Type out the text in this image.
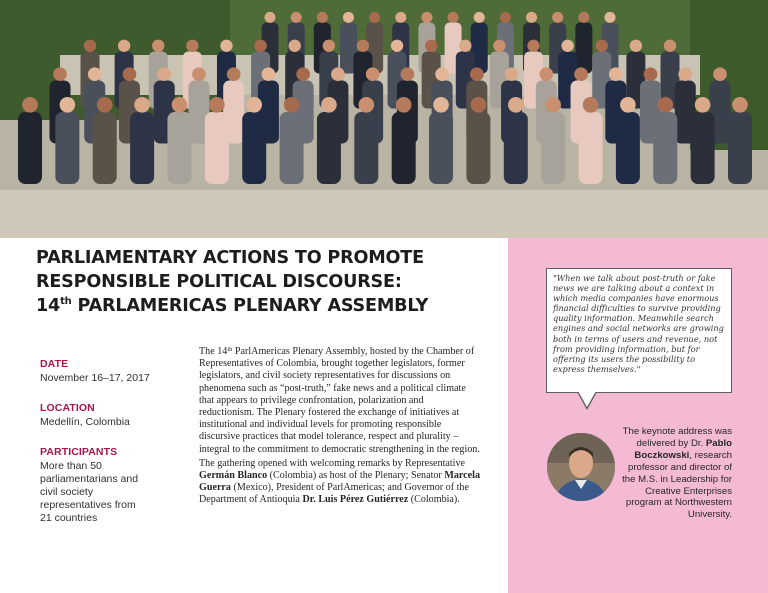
PARLIAMENTARY ACTIONS TO PROMOTE
RESPONSIBLE POLITICAL DISCOURSE:
14th PARLAMERICAS PLENARY ASSEMBLY
DATE
November 16–17, 2017
LOCATION
Medellín, Colombia
PARTICIPANTS
More than 50 parliamentarians and civil society representatives from 21 countries

The 14th ParlAmericas Plenary Assembly, hosted by the Chamber of Representatives of Colombia, brought together legislators, former legislators, and civil society representatives for discussions on phenomena such as “post-truth,” fake news and a political climate that appears to privilege confrontation, polarization and reductionism. The Plenary fostered the exchange of initiatives at institutional and individual levels for promoting responsible discursive practices that model tolerance, respect and plurality – integral to the commitment to democratic strengthening in the region.

The gathering opened with welcoming remarks by Representative Germán Blanco (Colombia) as host of the Plenary; Senator Marcela Guerra (Mexico), President of ParlAmericas; and Governor of the Department of Antioquia Dr. Luis Pérez Gutiérrez (Colombia).

"When we talk about post-truth or fake news we are talking about a context in which media companies have enormous financial difficulties to survive providing quality information. Meanwhile search engines and social networks are growing both in terms of users and revenue, not from providing information, but for offering its users the possibility to express themselves."
The keynote address was delivered by Dr. Pablo Boczkowski, research professor and director of the M.S. in Leadership for Creative Enterprises program at Northwestern University.
